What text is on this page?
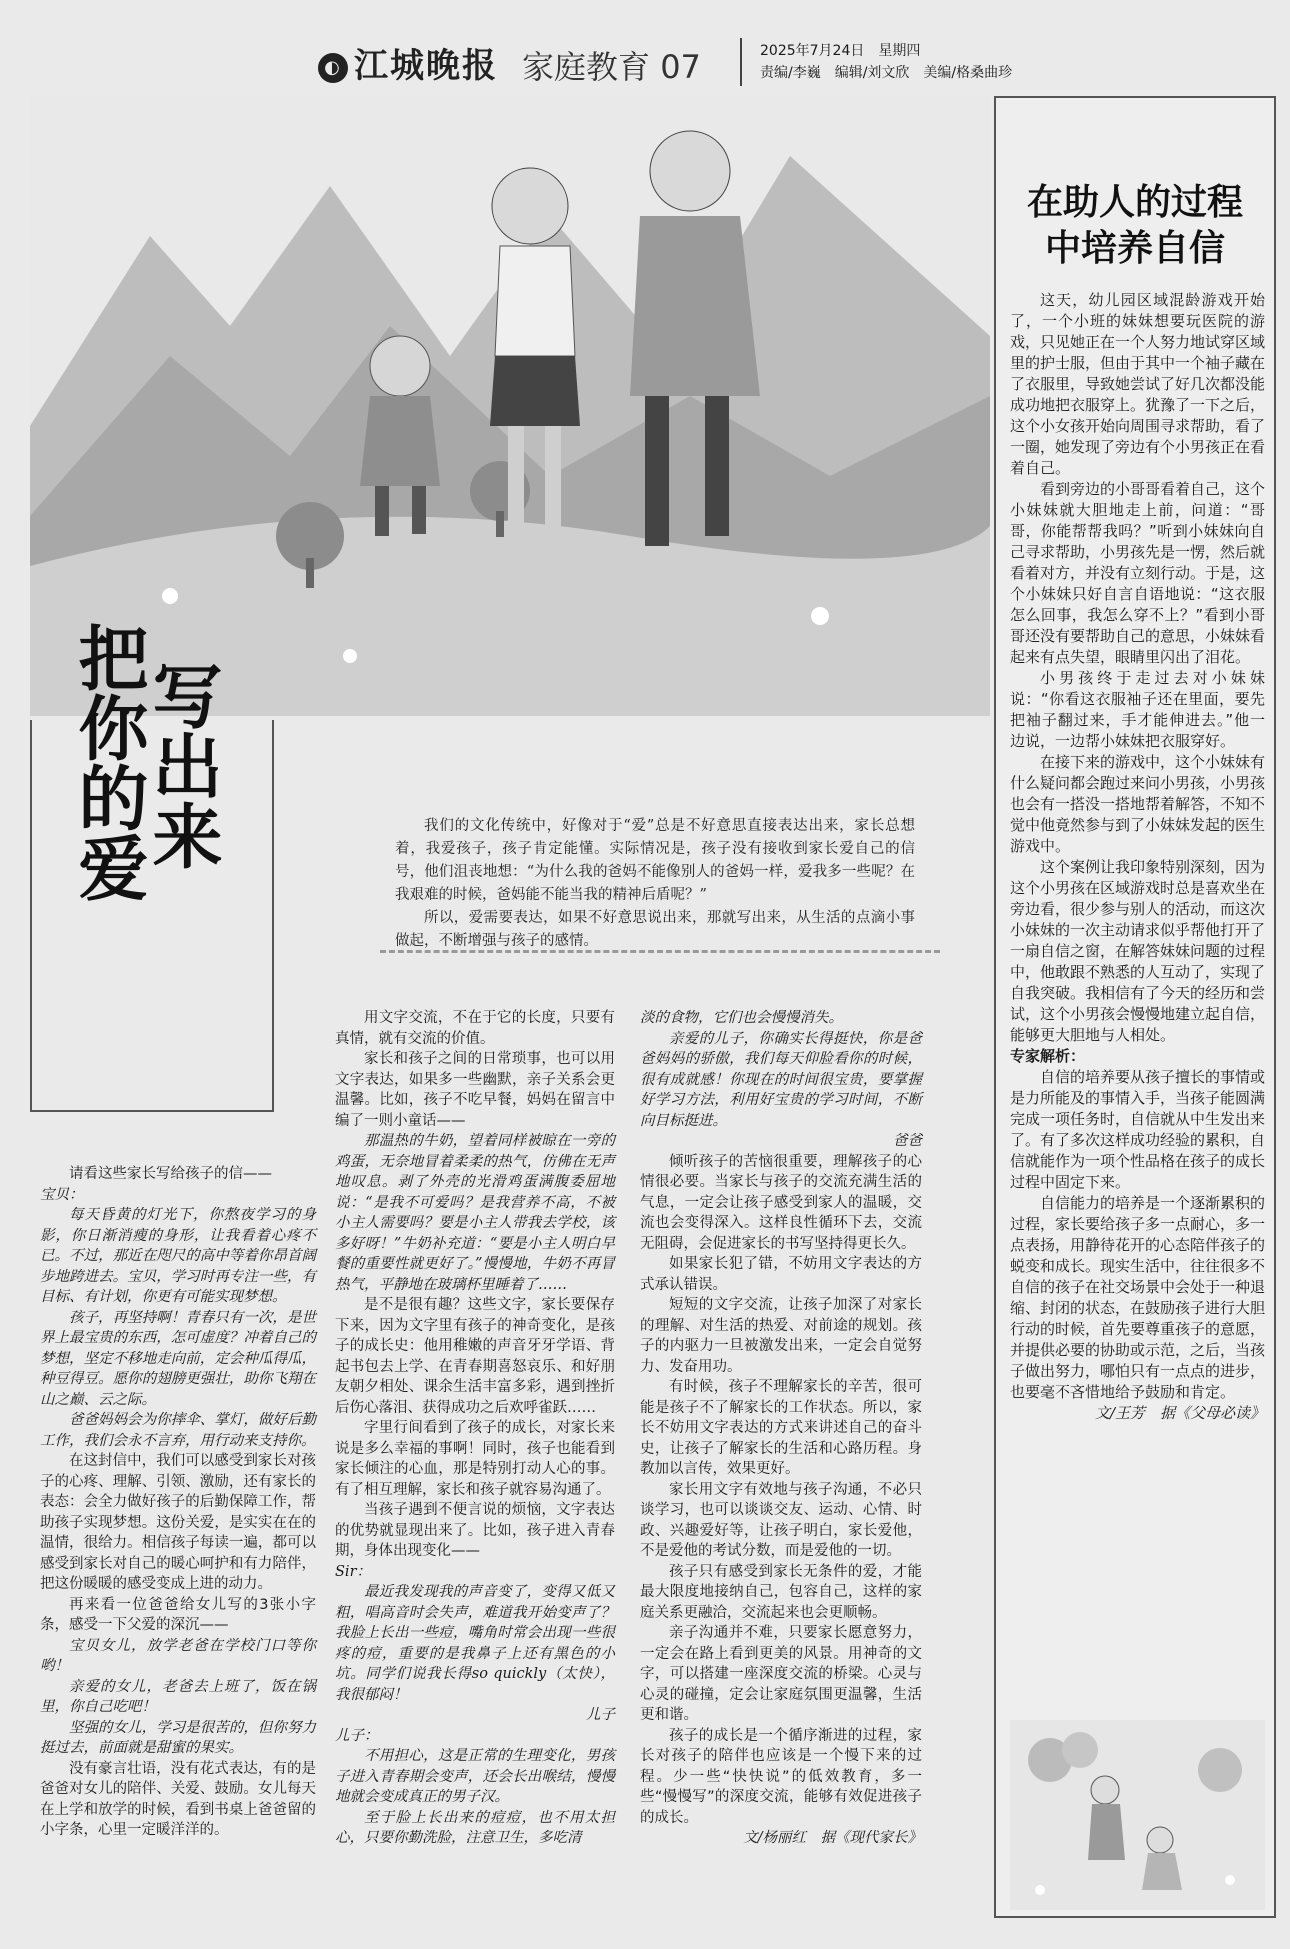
◐ 江城晚报 家庭教育 07	2025年7月24日　星期四
责编/李巍　编辑/刘文欣　美编/格桑曲珍
在助人的过程
中培养自信

这天，幼儿园区域混龄游戏开始了，一个小班的妹妹想要玩医院的游戏，只见她正在一个人努力地试穿区域里的护士服，但由于其中一个袖子藏在了衣服里，导致她尝试了好几次都没能成功地把衣服穿上。犹豫了一下之后，这个小女孩开始向周围寻求帮助，看了一圈，她发现了旁边有个小男孩正在看着自己。

看到旁边的小哥哥看着自己，这个小妹妹就大胆地走上前，问道：“哥哥，你能帮帮我吗？”听到小妹妹向自己寻求帮助，小男孩先是一愣，然后就看着对方，并没有立刻行动。于是，这个小妹妹只好自言自语地说：“这衣服怎么回事，我怎么穿不上？”看到小哥哥还没有要帮助自己的意思，小妹妹看起来有点失望，眼睛里闪出了泪花。

小男孩终于走过去对小妹妹说：“你看这衣服袖子还在里面，要先把袖子翻过来，手才能伸进去。”他一边说，一边帮小妹妹把衣服穿好。

在接下来的游戏中，这个小妹妹有什么疑问都会跑过来问小男孩，小男孩也会有一搭没一搭地帮着解答，不知不觉中他竟然参与到了小妹妹发起的医生游戏中。

这个案例让我印象特别深刻，因为这个小男孩在区域游戏时总是喜欢坐在旁边看，很少参与别人的活动，而这次小妹妹的一次主动请求似乎帮他打开了一扇自信之窗，在解答妹妹问题的过程中，他敢跟不熟悉的人互动了，实现了自我突破。我相信有了今天的经历和尝试，这个小男孩会慢慢地建立起自信，能够更大胆地与人相处。

专家解析：

自信的培养要从孩子擅长的事情或是力所能及的事情入手，当孩子能圆满完成一项任务时，自信就从中生发出来了。有了多次这样成功经验的累积，自信就能作为一项个性品格在孩子的成长过程中固定下来。

自信能力的培养是一个逐渐累积的过程，家长要给孩子多一点耐心，多一点表扬，用静待花开的心态陪伴孩子的蜕变和成长。现实生活中，往往很多不自信的孩子在社交场景中会处于一种退缩、封闭的状态，在鼓励孩子进行大胆行动的时候，首先要尊重孩子的意愿，并提供必要的协助或示范，之后，当孩子做出努力，哪怕只有一点点的进步，也要毫不吝惜地给予鼓励和肯定。

文/王芳　据《父母必读》

写出来
把你的爱	我们的文化传统中，好像对于“爱”总是不好意思直接表达出来，家长总想着，我爱孩子，孩子肯定能懂。实际情况是，孩子没有接收到家长爱自己的信号，他们沮丧地想：“为什么我的爸妈不能像别人的爸妈一样，爱我多一些呢？在我艰难的时候，爸妈能不能当我的精神后盾呢？”

所以，爱需要表达，如果不好意思说出来，那就写出来，从生活的点滴小事做起，不断增强与孩子的感情。

请看这些家长写给孩子的信——

宝贝：

每天昏黄的灯光下，你熬夜学习的身影，你日渐消瘦的身形，让我看着心疼不已。不过，那近在咫尺的高中等着你昂首阔步地跨进去。宝贝，学习时再专注一些，有目标、有计划，你更有可能实现梦想。

孩子，再坚持啊！青春只有一次，是世界上最宝贵的东西，怎可虚度？冲着自己的梦想，坚定不移地走向前，定会种瓜得瓜，种豆得豆。愿你的翅膀更强壮，助你飞翔在山之巅、云之际。

爸爸妈妈会为你摔伞、掌灯，做好后勤工作，我们会永不言弃，用行动来支持你。

在这封信中，我们可以感受到家长对孩子的心疼、理解、引领、激励，还有家长的表态：会全力做好孩子的后勤保障工作，帮助孩子实现梦想。这份关爱，是实实在在的温情，很给力。相信孩子每读一遍，都可以感受到家长对自己的暖心呵护和有力陪伴，把这份暖暖的感受变成上进的动力。

再来看一位爸爸给女儿写的3张小字条，感受一下父爱的深沉——

宝贝女儿，放学老爸在学校门口等你哟！

亲爱的女儿，老爸去上班了，饭在锅里，你自己吃吧！

坚强的女儿，学习是很苦的，但你努力挺过去，前面就是甜蜜的果实。

没有豪言壮语，没有花式表达，有的是爸爸对女儿的陪伴、关爱、鼓励。女儿每天在上学和放学的时候，看到书桌上爸爸留的小字条，心里一定暖洋洋的。

用文字交流，不在于它的长度，只要有真情，就有交流的价值。

家长和孩子之间的日常琐事，也可以用文字表达，如果多一些幽默，亲子关系会更温馨。比如，孩子不吃早餐，妈妈在留言中编了一则小童话——

那温热的牛奶，望着同样被晾在一旁的鸡蛋，无奈地冒着柔柔的热气，仿佛在无声地叹息。剥了外壳的光滑鸡蛋满腹委屈地说：“是我不可爱吗？是我营养不高，不被小主人需要吗？要是小主人带我去学校，该多好呀！”牛奶补充道：“要是小主人明白早餐的重要性就更好了。”慢慢地，牛奶不再冒热气，平静地在玻璃杯里睡着了……

是不是很有趣？这些文字，家长要保存下来，因为文字里有孩子的神奇变化，是孩子的成长史：他用稚嫩的声音牙牙学语、背起书包去上学、在青春期喜怒哀乐、和好朋友朝夕相处、课余生活丰富多彩，遇到挫折后伤心落泪、获得成功之后欢呼雀跃……

字里行间看到了孩子的成长，对家长来说是多么幸福的事啊！同时，孩子也能看到家长倾注的心血，那是特别打动人心的事。有了相互理解，家长和孩子就容易沟通了。

当孩子遇到不便言说的烦恼，文字表达的优势就显现出来了。比如，孩子进入青春期，身体出现变化——

Sir：

最近我发现我的声音变了，变得又低又粗，唱高音时会失声，难道我开始变声了？我脸上长出一些痘，嘴角时常会出现一些很疼的痘，重要的是我鼻子上还有黑色的小坑。同学们说我长得so quickly（太快），我很郁闷！

儿子

儿子：

不用担心，这是正常的生理变化，男孩子进入青春期会变声，还会长出喉结，慢慢地就会变成真正的男子汉。

至于脸上长出来的痘痘，也不用太担心，只要你勤洗脸，注意卫生，多吃清

淡的食物，它们也会慢慢消失。

亲爱的儿子，你确实长得挺快，你是爸爸妈妈的骄傲，我们每天仰脸看你的时候，很有成就感！你现在的时间很宝贵，要掌握好学习方法，利用好宝贵的学习时间，不断向目标挺进。

爸爸

倾听孩子的苦恼很重要，理解孩子的心情很必要。当家长与孩子的交流充满生活的气息，一定会让孩子感受到家人的温暖，交流也会变得深入。这样良性循环下去，交流无阻碍，会促进家长的书写坚持得更长久。

如果家长犯了错，不妨用文字表达的方式承认错误。

短短的文字交流，让孩子加深了对家长的理解、对生活的热爱、对前途的规划。孩子的内驱力一旦被激发出来，一定会自觉努力、发奋用功。

有时候，孩子不理解家长的辛苦，很可能是孩子不了解家长的工作状态。所以，家长不妨用文字表达的方式来讲述自己的奋斗史，让孩子了解家长的生活和心路历程。身教加以言传，效果更好。

家长用文字有效地与孩子沟通，不必只谈学习，也可以谈谈交友、运动、心情、时政、兴趣爱好等，让孩子明白，家长爱他，不是爱他的考试分数，而是爱他的一切。

孩子只有感受到家长无条件的爱，才能最大限度地接纳自己，包容自己，这样的家庭关系更融洽，交流起来也会更顺畅。

亲子沟通并不难，只要家长愿意努力，一定会在路上看到更美的风景。用神奇的文字，可以搭建一座深度交流的桥梁。心灵与心灵的碰撞，定会让家庭氛围更温馨，生活更和谐。

孩子的成长是一个循序渐进的过程，家长对孩子的陪伴也应该是一个慢下来的过程。少一些“快快说”的低效教育，多一些“慢慢写”的深度交流，能够有效促进孩子的成长。

文/杨丽红　据《现代家长》
